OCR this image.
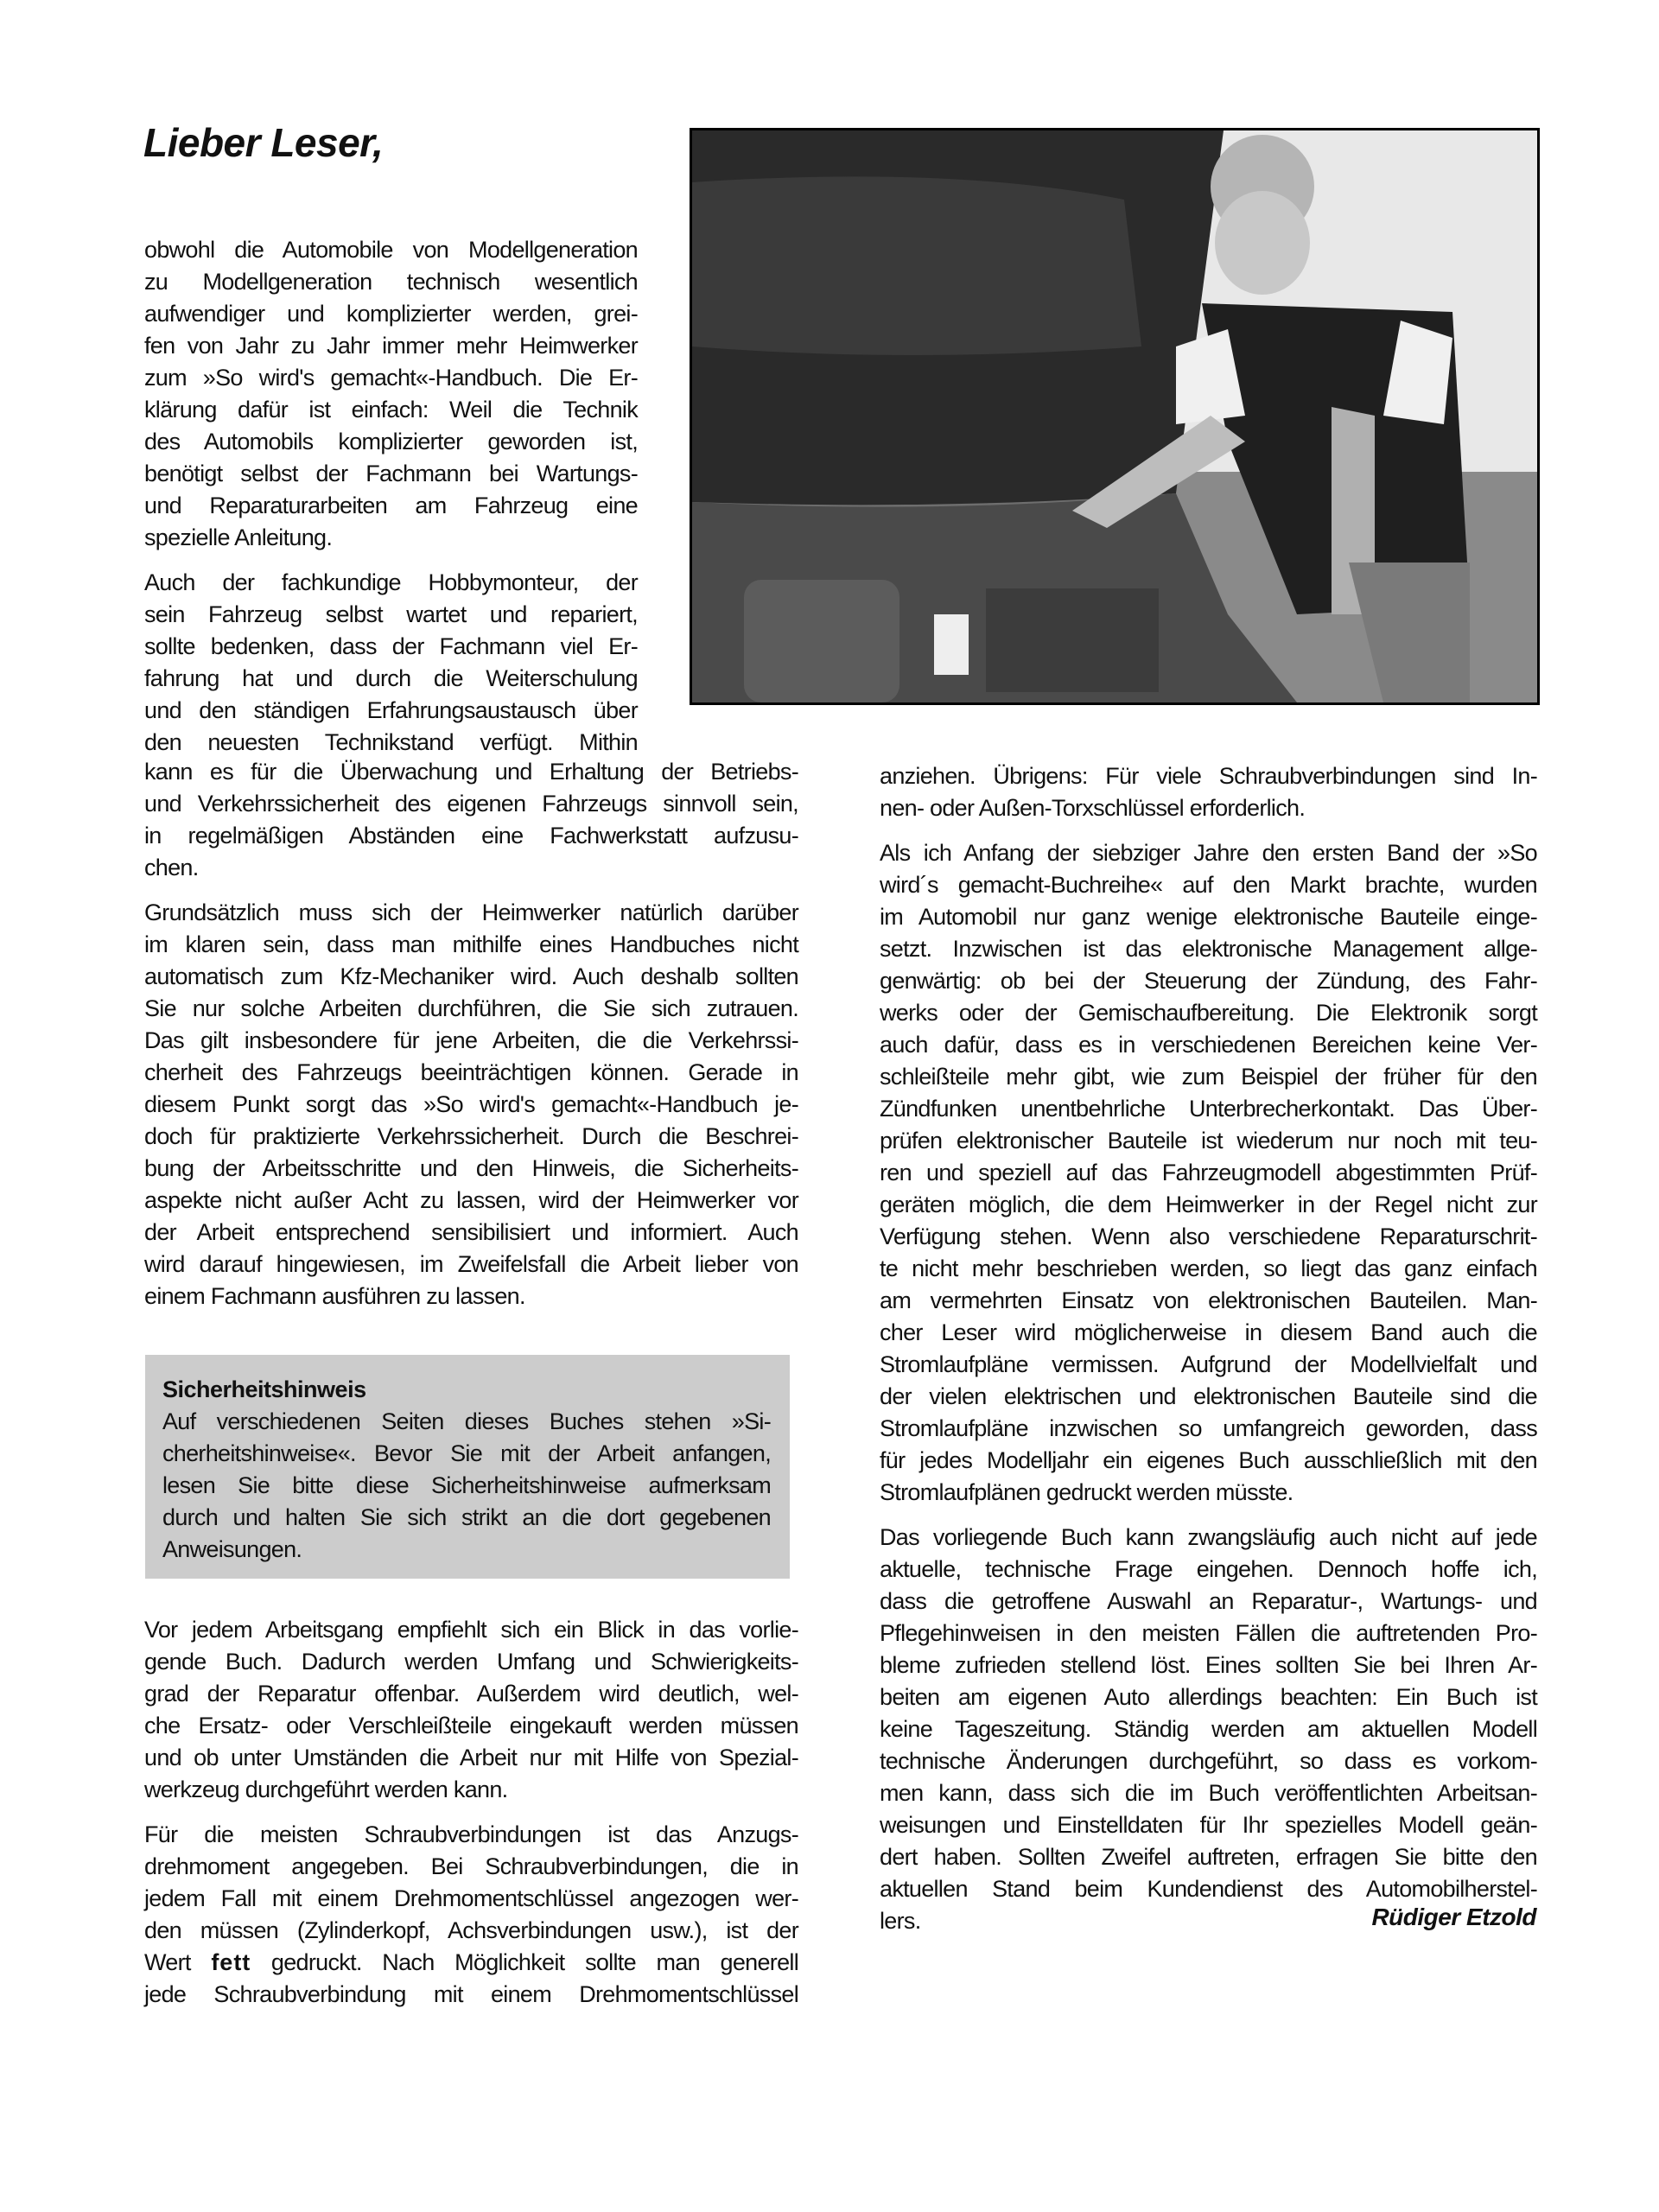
Lieber Leser,
obwohl die Automobile von Modellgeneration
zu Modellgeneration technisch wesentlich
aufwendiger und komplizierter werden, grei-
fen von Jahr zu Jahr immer mehr Heimwerker
zum »So wird's gemacht«-Handbuch. Die Er-
klärung dafür ist einfach: Weil die Technik
des Automobils komplizierter geworden ist,
benötigt selbst der Fachmann bei Wartungs-
und Reparaturarbeiten am Fahrzeug eine
spezielle Anleitung.
Auch der fachkundige Hobbymonteur, der
sein Fahrzeug selbst wartet und repariert,
sollte bedenken, dass der Fachmann viel Er-
fahrung hat und durch die Weiterschulung
und den ständigen Erfahrungsaustausch über
den neuesten Technikstand verfügt. Mithin
kann es für die Überwachung und Erhaltung der Betriebs-
und Verkehrssicherheit des eigenen Fahrzeugs sinnvoll sein,
in regelmäßigen Abständen eine Fachwerkstatt aufzusu-
chen.
Grundsätzlich muss sich der Heimwerker natürlich darüber
im klaren sein, dass man mithilfe eines Handbuches nicht
automatisch zum Kfz-Mechaniker wird. Auch deshalb sollten
Sie nur solche Arbeiten durchführen, die Sie sich zutrauen.
Das gilt insbesondere für jene Arbeiten, die die Verkehrssi-
cherheit des Fahrzeugs beeinträchtigen können. Gerade in
diesem Punkt sorgt das »So wird's gemacht«-Handbuch je-
doch für praktizierte Verkehrssicherheit. Durch die Beschrei-
bung der Arbeitsschritte und den Hinweis, die Sicherheits-
aspekte nicht außer Acht zu lassen, wird der Heimwerker vor
der Arbeit entsprechend sensibilisiert und informiert. Auch
wird darauf hingewiesen, im Zweifelsfall die Arbeit lieber von
einem Fachmann ausführen zu lassen.
Sicherheitshinweis
Auf verschiedenen Seiten dieses Buches stehen »Si-
cherheitshinweise«. Bevor Sie mit der Arbeit anfangen,
lesen Sie bitte diese Sicherheitshinweise aufmerksam
durch und halten Sie sich strikt an die dort gegebenen
Anweisungen.
Vor jedem Arbeitsgang empfiehlt sich ein Blick in das vorlie-
gende Buch. Dadurch werden Umfang und Schwierigkeits-
grad der Reparatur offenbar. Außerdem wird deutlich, wel-
che Ersatz- oder Verschleißteile eingekauft werden müssen
und ob unter Umständen die Arbeit nur mit Hilfe von Spezial-
werkzeug durchgeführt werden kann.
Für die meisten Schraubverbindungen ist das Anzugs-
drehmoment angegeben. Bei Schraubverbindungen, die in
jedem Fall mit einem Drehmomentschlüssel angezogen wer-
den müssen (Zylinderkopf, Achsverbindungen usw.), ist der
Wert fett gedruckt. Nach Möglichkeit sollte man generell
jede Schraubverbindung mit einem Drehmomentschlüssel
anziehen. Übrigens: Für viele Schraubverbindungen sind In-
nen- oder Außen-Torxschlüssel erforderlich.
Als ich Anfang der siebziger Jahre den ersten Band der »So
wird´s gemacht-Buchreihe« auf den Markt brachte, wurden
im Automobil nur ganz wenige elektronische Bauteile einge-
setzt. Inzwischen ist das elektronische Management allge-
genwärtig: ob bei der Steuerung der Zündung, des Fahr-
werks oder der Gemischaufbereitung. Die Elektronik sorgt
auch dafür, dass es in verschiedenen Bereichen keine Ver-
schleißteile mehr gibt, wie zum Beispiel der früher für den
Zündfunken unentbehrliche Unterbrecherkontakt. Das Über-
prüfen elektronischer Bauteile ist wiederum nur noch mit teu-
ren und speziell auf das Fahrzeugmodell abgestimmten Prüf-
geräten möglich, die dem Heimwerker in der Regel nicht zur
Verfügung stehen. Wenn also verschiedene Reparaturschrit-
te nicht mehr beschrieben werden, so liegt das ganz einfach
am vermehrten Einsatz von elektronischen Bauteilen. Man-
cher Leser wird möglicherweise in diesem Band auch die
Stromlaufpläne vermissen. Aufgrund der Modellvielfalt und
der vielen elektrischen und elektronischen Bauteile sind die
Stromlaufpläne inzwischen so umfangreich geworden, dass
für jedes Modelljahr ein eigenes Buch ausschließlich mit den
Stromlaufplänen gedruckt werden müsste.
Das vorliegende Buch kann zwangsläufig auch nicht auf jede
aktuelle, technische Frage eingehen. Dennoch hoffe ich,
dass die getroffene Auswahl an Reparatur-, Wartungs- und
Pflegehinweisen in den meisten Fällen die auftretenden Pro-
bleme zufrieden stellend löst. Eines sollten Sie bei Ihren Ar-
beiten am eigenen Auto allerdings beachten: Ein Buch ist
keine Tageszeitung. Ständig werden am aktuellen Modell
technische Änderungen durchgeführt, so dass es vorkom-
men kann, dass sich die im Buch veröffentlichten Arbeitsan-
weisungen und Einstelldaten für Ihr spezielles Modell geän-
dert haben. Sollten Zweifel auftreten, erfragen Sie bitte den
aktuellen Stand beim Kundendienst des Automobilherstel-
lers.	Rüdiger Etzold
